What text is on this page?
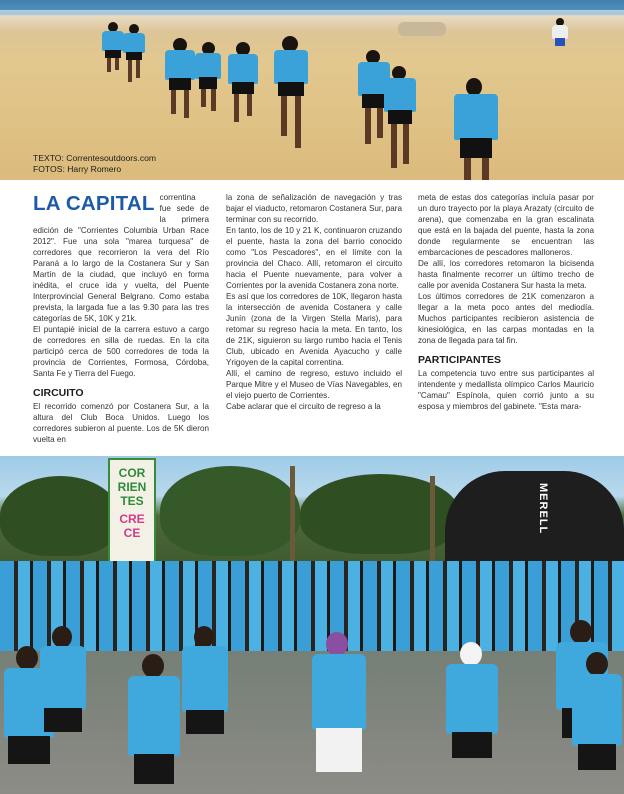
TEXTO: Correntesoutdoors.com
FOTOS: Harry Romero

LA CAPITAL correntina fue sede de la primera edición de "Corrientes Columbia Urban Race 2012". Fue una sola "marea turquesa" de corredores que recorrieron la vera del Río Paraná a lo largo de la Costanera Sur y San Martín de la ciudad, que incluyó en forma inédita, el cruce ida y vuelta, del Puente Interprovincial General Belgrano. Como estaba prevista, la largada fue a las 9.30 para las tres categorías de 5K, 10K y 21k.

El puntapié inicial de la carrera estuvo a cargo de corredores en silla de ruedas. En la cita participó cerca de 500 corredores de toda la provincia de Corrientes, Formosa, Córdoba, Santa Fe y Tierra del Fuego.

CIRCUITO

El recorrido comenzó por Costanera Sur, a la altura del Club Boca Unidos. Luego los corredores subieron al puente. Los de 5K dieron vuelta en

la zona de señalización de navegación y tras bajar el viaducto, retomaron Costanera Sur, para terminar con su recorrido.

En tanto, los de 10 y 21 K, continuaron cruzando el puente, hasta la zona del barrio conocido como "Los Pescadores", en el límite con la provincia del Chaco. Allí, retomaron el circuito hacia el Puente nuevamente, para volver a Corrientes por la avenida Costanera zona norte.

Es así que los corredores de 10K, llegaron hasta la intersección de avenida Costanera y calle Junín (zona de la Virgen Stella Maris), para retomar su regreso hacia la meta. En tanto, los de 21K, siguieron su largo rumbo hacia el Tenis Club, ubicado en Avenida Ayacucho y calle Yrigoyen de la capital correntina.

Allí, el camino de regreso, estuvo incluido el Parque Mitre y el Museo de Vías Navegables, en el viejo puerto de Corrientes.

Cabe aclarar que el circuito de regreso a la

meta de estas dos categorías incluía pasar por un duro trayecto por la playa Arazaty (circuito de arena), que comenzaba en la gran escalinata que está en la bajada del puente, hasta la zona donde regularmente se encuentran las embarcaciones de pescadores malloneros.

De allí, los corredores retomaron la bicisenda hasta finalmente recorrer un último trecho de calle por avenida Costanera Sur hasta la meta.

Los últimos corredores de 21K comenzaron a llegar a la meta poco antes del mediodía. Muchos participantes recibieron asistencia de kinesiológica, en las carpas montadas en la zona de llegada para tal fin.

PARTICIPANTES

La competencia tuvo entre sus participantes al intendente y medallista olímpico Carlos Mauricio "Camau" Espínola, quien corrió junto a su esposa y miembros del gabinete. "Esta mara-

COR
RIEN
TES
CRE
CE	MERELL
